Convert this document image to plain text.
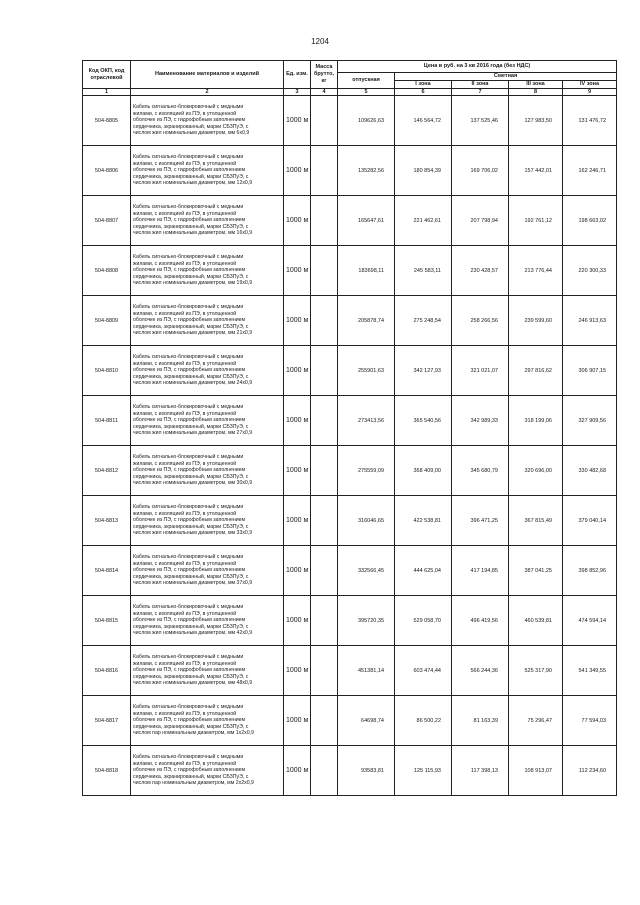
1204
Код ОКП, код отраслевой	Наименование материалов и изделий	Ед. изм.	Масса брутто, кг	Цена в руб. на 3 кв 2016 года (без НДС)				
				отпускная	Сметная			
					I зона	II зона	III зона	IV зона
1	2	3	4	5	6	7	8	9
504-8805	Кабель сигнально-блокировочный с медными
жилами, с изоляцией из ПЭ, в утолщенной
оболочке из ПЭ, с гидрофобным заполнением
сердечника, экранированный, марки СБЗПуЭ, с
числом жил номинальным диаметром, мм 6х0,9	1000 м		109626,63	146 564,72	137 525,46	127 983,50	131 476,72
504-8806	Кабель сигнально-блокировочный с медными
жилами, с изоляцией из ПЭ, в утолщенной
оболочке из ПЭ, с гидрофобным заполнением
сердечника, экранированный, марки СБЗПуЭ, с
числом жил номинальным диаметром, мм 12х0,9	1000 м		135282,56	180 854,39	169 706,02	157 442,01	162 246,71
504-8807	Кабель сигнально-блокировочный с медными
жилами, с изоляцией из ПЭ, в утолщенной
оболочке из ПЭ, с гидрофобным заполнением
сердечника, экранированный, марки СБЗПуЭ, с
числом жил номинальным диаметром, мм 16х0,9	1000 м		165647,61	221 462,61	207 798,94	192 761,12	198 663,02
504-8808	Кабель сигнально-блокировочный с медными
жилами, с изоляцией из ПЭ, в утолщенной
оболочке из ПЭ, с гидрофобным заполнением
сердечника, экранированный, марки СБЗПуЭ, с
числом жил номинальным диаметром, мм 19х0,9	1000 м		183698,11	245 583,11	230 428,57	213 776,44	220 300,33
504-8809	Кабель сигнально-блокировочный с медными
жилами, с изоляцией из ПЭ, в утолщенной
оболочке из ПЭ, с гидрофобным заполнением
сердечника, экранированный, марки СБЗПуЭ, с
числом жил номинальным диаметром, мм 21х0,9	1000 м		205878,74	275 248,54	258 266,56	239 599,60	246 913,63
504-8810	Кабель сигнально-блокировочный с медными
жилами, с изоляцией из ПЭ, в утолщенной
оболочке из ПЭ, с гидрофобным заполнением
сердечника, экранированный, марки СБЗПуЭ, с
числом жил номинальным диаметром, мм 24х0,9	1000 м		255901,63	342 127,93	321 021,07	297 816,62	306 907,15
504-8811	Кабель сигнально-блокировочный с медными
жилами, с изоляцией из ПЭ, в утолщенной
оболочке из ПЭ, с гидрофобным заполнением
сердечника, экранированный, марки СБЗПуЭ, с
числом жил номинальным диаметром, мм 27х0,9	1000 м		273413,56	365 540,56	342 989,33	318 199,06	327 909,56
504-8812	Кабель сигнально-блокировочный с медными
жилами, с изоляцией из ПЭ, в утолщенной
оболочке из ПЭ, с гидрофобным заполнением
сердечника, экранированный, марки СБЗПуЭ, с
числом жил номинальным диаметром, мм 30х0,9	1000 м		275559,09	368 409,00	345 680,79	320 696,00	330 482,68
504-8813	Кабель сигнально-блокировочный с медными
жилами, с изоляцией из ПЭ, в утолщенной
оболочке из ПЭ, с гидрофобным заполнением
сердечника, экранированный, марки СБЗПуЭ, с
числом жил номинальным диаметром, мм 33х0,9	1000 м		316046,65	422 538,81	396 471,25	367 815,49	379 040,14
504-8814	Кабель сигнально-блокировочный с медными
жилами, с изоляцией из ПЭ, в утолщенной
оболочке из ПЭ, с гидрофобным заполнением
сердечника, экранированный, марки СБЗПуЭ, с
числом жил номинальным диаметром, мм 37х0,9	1000 м		332566,45	444 625,04	417 194,85	387 041,25	398 852,96
504-8815	Кабель сигнально-блокировочный с медными
жилами, с изоляцией из ПЭ, в утолщенной
оболочке из ПЭ, с гидрофобным заполнением
сердечника, экранированный, марки СБЗПуЭ, с
числом жил номинальным диаметром, мм 42х0,9	1000 м		395720,35	529 058,70	496 419,56	460 539,81	474 594,14
504-8816	Кабель сигнально-блокировочный с медными
жилами, с изоляцией из ПЭ, в утолщенной
оболочке из ПЭ, с гидрофобным заполнением
сердечника, экранированный, марки СБЗПуЭ, с
числом жил номинальным диаметром, мм 48х0,9	1000 м		451381,14	603 474,44	566 244,36	525 317,90	541 349,55
504-8817	Кабель сигнально-блокировочный с медными
жилами, с изоляцией из ПЭ, в утолщенной
оболочке из ПЭ, с гидрофобным заполнением
сердечника, экранированный, марки СБЗПуЭ, с
числом пар номинальным диаметром, мм 1х2х0,9	1000 м		64698,74	86 500,22	81 163,39	75 296,47	77 594,03
504-8818	Кабель сигнально-блокировочный с медными
жилами, с изоляцией из ПЭ, в утолщенной
оболочке из ПЭ, с гидрофобным заполнением
сердечника, экранированный, марки СБЗПуЭ, с
числом пар номинальным диаметром, мм 2х2х0,9	1000 м		93583,81	125 115,93	117 398,13	108 913,07	112 234,60
